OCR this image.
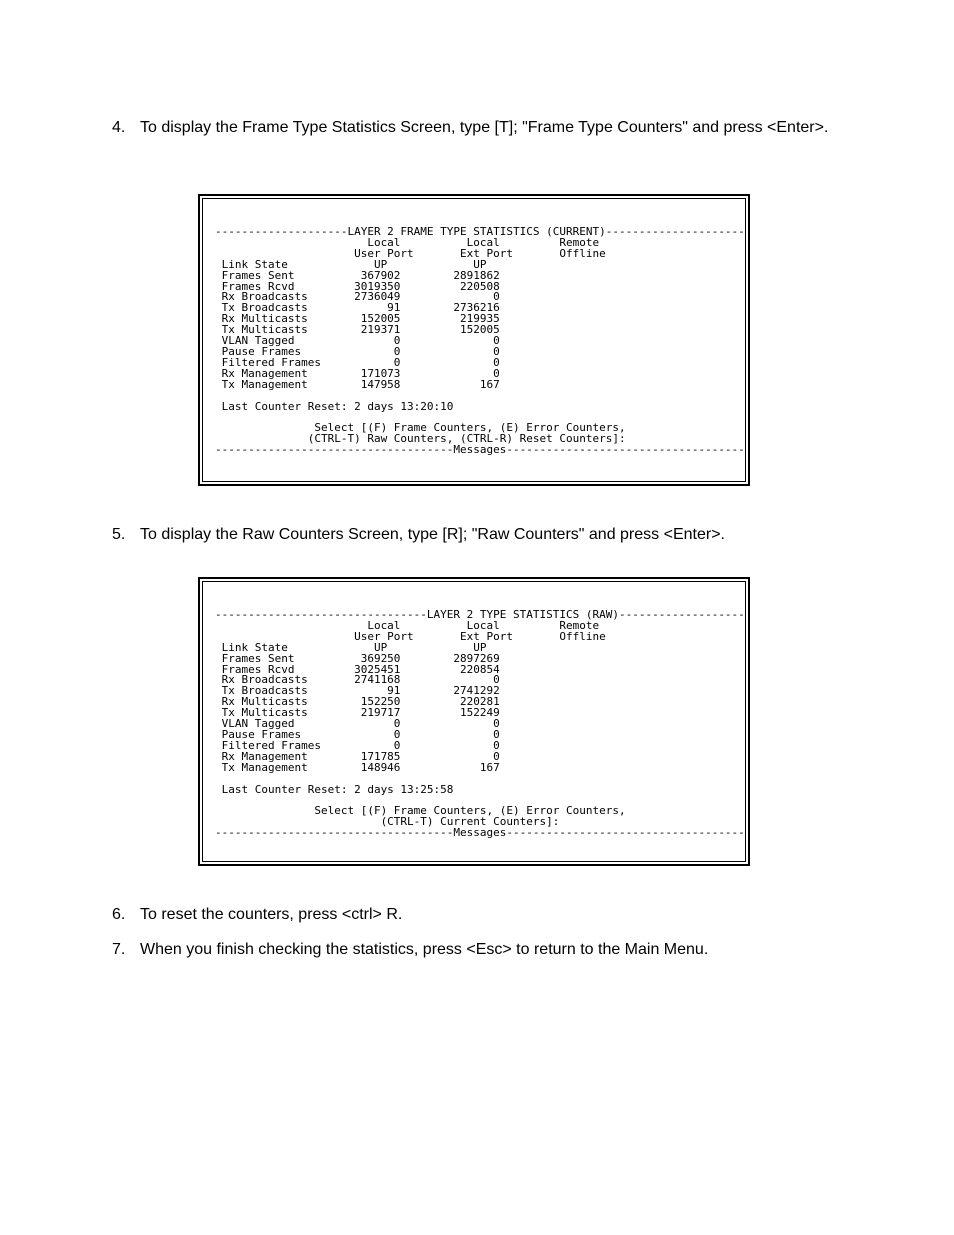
4. To display the Frame Type Statistics Screen, type [T]; "Frame Type Counters" and press <Enter>.
--------------------LAYER 2 FRAME TYPE STATISTICS (CURRENT)---------------------
Local          Local         Remote
User Port       Ext Port       Offline
Link State             UP             UP
Frames Sent          367902        2891862
Frames Rcvd         3019350         220508
Rx Broadcasts       2736049              0
Tx Broadcasts            91        2736216
Rx Multicasts        152005         219935
Tx Multicasts        219371         152005
VLAN Tagged               0              0
Pause Frames              0              0
Filtered Frames           0              0
Rx Management        171073              0
Tx Management        147958            167

Last Counter Reset: 2 days 13:20:10

Select [(F) Frame Counters, (E) Error Counters,
(CTRL-T) Raw Counters, (CTRL-R) Reset Counters]:
------------------------------------Messages------------------------------------
5. To display the Raw Counters Screen, type [R]; "Raw Counters" and press <Enter>.
--------------------------------LAYER 2 TYPE STATISTICS (RAW)-------------------
Local          Local         Remote
User Port       Ext Port       Offline
Link State             UP             UP
Frames Sent          369250        2897269
Frames Rcvd         3025451         220854
Rx Broadcasts       2741168              0
Tx Broadcasts            91        2741292
Rx Multicasts        152250         220281
Tx Multicasts        219717         152249
VLAN Tagged               0              0
Pause Frames              0              0
Filtered Frames           0              0
Rx Management        171785              0
Tx Management        148946            167

Last Counter Reset: 2 days 13:25:58

Select [(F) Frame Counters, (E) Error Counters,
(CTRL-T) Current Counters]:
------------------------------------Messages------------------------------------
6. To reset the counters, press <ctrl> R.
7. When you finish checking the statistics, press <Esc> to return to the Main Menu.
